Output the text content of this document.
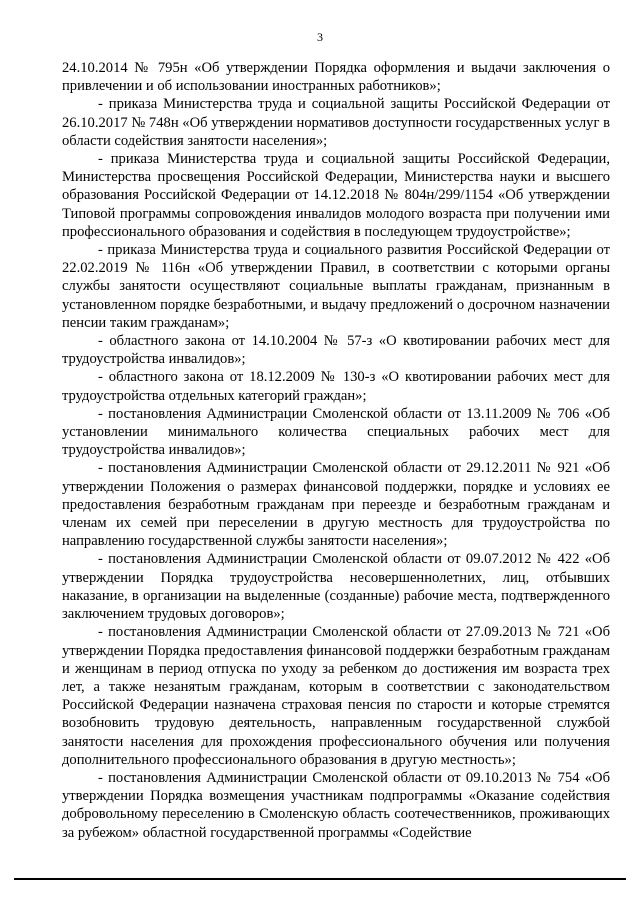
3

24.10.2014 № 795н «Об утверждении Порядка оформления и выдачи заключения о привлечении и об использовании иностранных работников»;

- приказа Министерства труда и социальной защиты Российской Федерации от 26.10.2017 № 748н «Об утверждении нормативов доступности государственных услуг в области содействия занятости населения»;

- приказа Министерства труда и социальной защиты Российской Федерации, Министерства просвещения Российской Федерации, Министерства науки и высшего образования Российской Федерации от 14.12.2018 № 804н/299/1154 «Об утверждении Типовой программы сопровождения инвалидов молодого возраста при получении ими профессионального образования и содействия в последующем трудоустройстве»;

- приказа Министерства труда и социального развития Российской Федерации от 22.02.2019 № 116н «Об утверждении Правил, в соответствии с которыми органы службы занятости осуществляют социальные выплаты гражданам, признанным в установленном порядке безработными, и выдачу предложений о досрочном назначении пенсии таким гражданам»;

- областного закона от 14.10.2004 № 57-з «О квотировании рабочих мест для трудоустройства инвалидов»;

- областного закона от 18.12.2009 № 130-з «О квотировании рабочих мест для трудоустройства отдельных категорий граждан»;

- постановления Администрации Смоленской области от 13.11.2009 № 706 «Об установлении минимального количества специальных рабочих мест для трудоустройства инвалидов»;

- постановления Администрации Смоленской области от 29.12.2011 № 921 «Об утверждении Положения о размерах финансовой поддержки, порядке и условиях ее предоставления безработным гражданам при переезде и безработным гражданам и членам их семей при переселении в другую местность для трудоустройства по направлению государственной службы занятости населения»;

- постановления Администрации Смоленской области от 09.07.2012 № 422 «Об утверждении Порядка трудоустройства несовершеннолетних, лиц, отбывших наказание, в организации на выделенные (созданные) рабочие места, подтвержденного заключением трудовых договоров»;

- постановления Администрации Смоленской области от 27.09.2013 № 721 «Об утверждении Порядка предоставления финансовой поддержки безработным гражданам и женщинам в период отпуска по уходу за ребенком до достижения им возраста трех лет, а также незанятым гражданам, которым в соответствии с законодательством Российской Федерации назначена страховая пенсия по старости и которые стремятся возобновить трудовую деятельность, направленным государственной службой занятости населения для прохождения профессионального обучения или получения дополнительного профессионального образования в другую местность»;

- постановления Администрации Смоленской области от 09.10.2013 № 754 «Об утверждении Порядка возмещения участникам подпрограммы «Оказание содействия добровольному переселению в Смоленскую область соотечественников, проживающих за рубежом» областной государственной программы «Содействие
